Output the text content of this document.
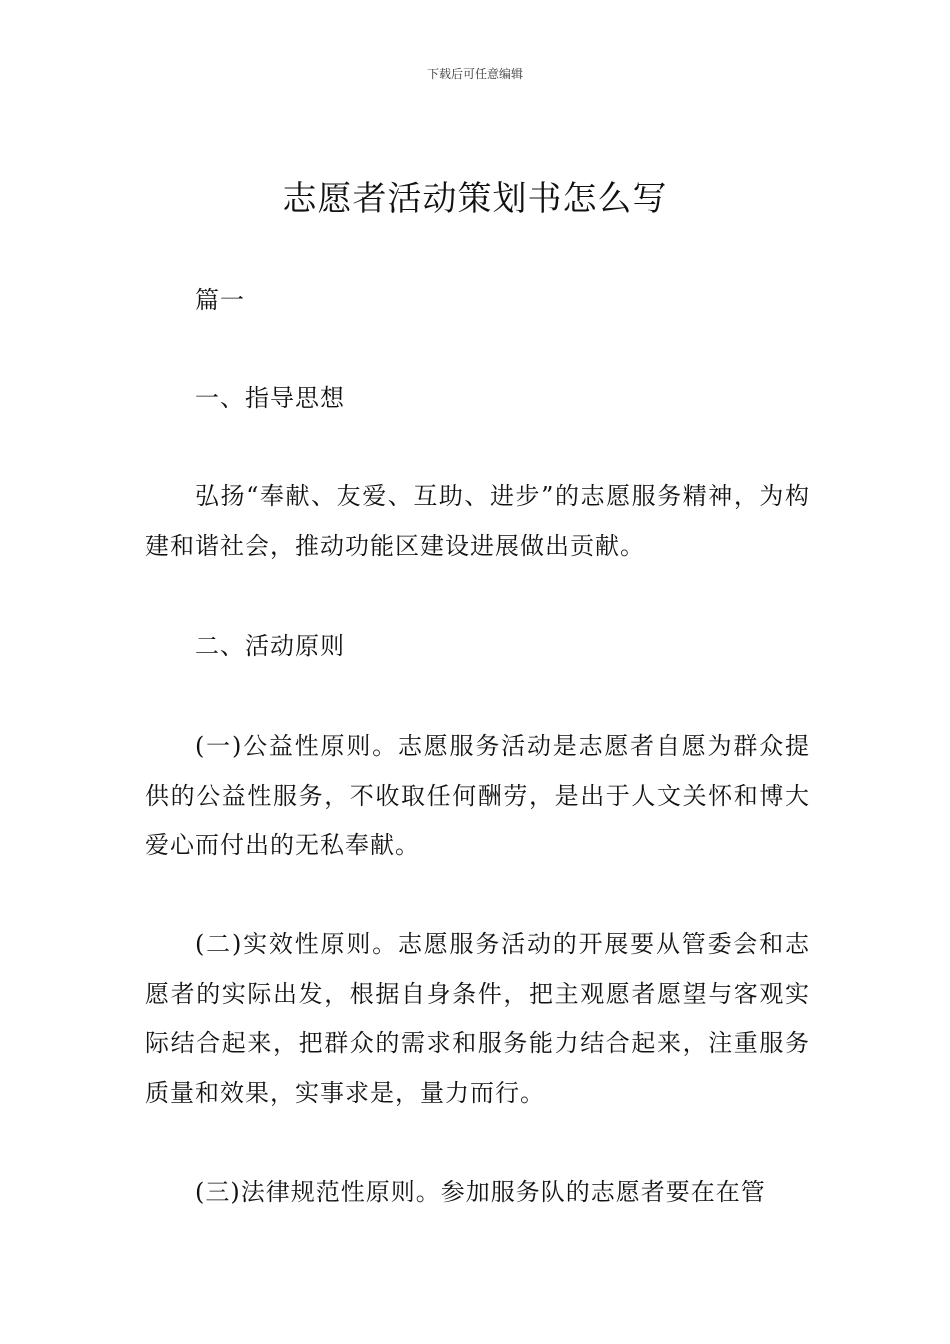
下载后可任意编辑
志愿者活动策划书怎么写

篇一

一、指导思想

弘扬“奉献、友爱、互助、进步”的志愿服务精神，为构建和谐社会，推动功能区建设进展做出贡献。

二、活动原则

(一)公益性原则。志愿服务活动是志愿者自愿为群众提供的公益性服务，不收取任何酬劳，是出于人文关怀和博大爱心而付出的无私奉献。

(二)实效性原则。志愿服务活动的开展要从管委会和志愿者的实际出发，根据自身条件，把主观愿者愿望与客观实际结合起来，把群众的需求和服务能力结合起来，注重服务质量和效果，实事求是，量力而行。

(三)法律规范性原则。参加服务队的志愿者要在在管
